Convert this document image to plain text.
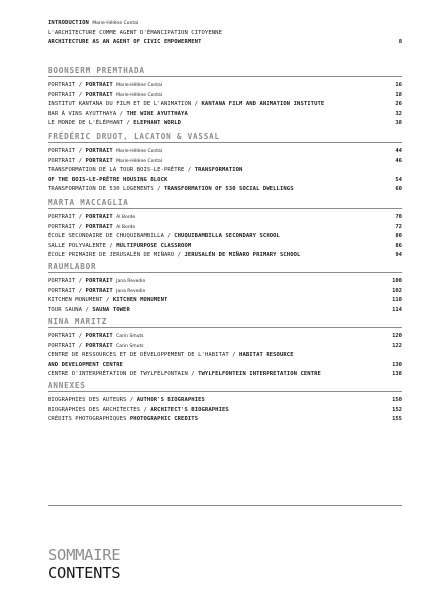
INTRODUCTION Marie-Hélène Contal
L'ARCHITECTURE COMME AGENT D'ÉMANCIPATION CITOYENNE
ARCHITECTURE AS AN AGENT OF CIVIC EMPOWERMENT	8
BOONSERM PREMTHADA
PORTRAIT / PORTRAIT Marie-Hélène Contal	16
PORTRAIT / PORTRAIT Marie-Hélène Contal	18
INSTITUT KANTANA DU FILM ET DE L'ANIMATION / KANTANA FILM AND ANIMATION INSTITUTE	26
BAR À VINS AYUTTHAYA / THE WINE AYUTTHAYA	32
LE MONDE DE L'ÉLÉPHANT / ELEPHANT WORLD	38
FRÉDÉRIC DRUOT, LACATON & VASSAL
PORTRAIT / PORTRAIT Marie-Hélène Contal	44
PORTRAIT / PORTRAIT Marie-Hélène Contal	46
TRANSFORMATION DE LA TOUR BOIS-LE-PRÊTRE / TRANSFORMATION
OF THE BOIS-LE-PRÊTRE HOUSING BLOCK	54
TRANSFORMATION DE 530 LOGEMENTS / TRANSFORMATION OF 530 SOCIAL DWELLINGS	60
MARTA MACCAGLIA
PORTRAIT / PORTRAIT Al Borde	70
PORTRAIT / PORTRAIT Al Borde	72
ÉCOLE SECONDAIRE DE CHUQUIBAMBILLA / CHUQUIBAMBILLA SECONDARY SCHOOL	80
SALLE POLYVALENTE / MULTIPURPOSE CLASSROOM	86
ÉCOLE PRIMAIRE DE JERUSALÉN DE MIÑARO / JERUSALÉN DE MIÑARO PRIMARY SCHOOL	94
RAUMLABOR
PORTRAIT / PORTRAIT Jana Revedin	100
PORTRAIT / PORTRAIT Jana Revedin	102
KITCHEN MONUMENT / KITCHEN MONUMENT	110
TOUR SAUNA / SAUNA TOWER	114
NINA MARITZ
PORTRAIT / PORTRAIT Carin Smuts	120
PORTRAIT / PORTRAIT Carin Smuts	122
CENTRE DE RESSOURCES ET DE DÉVELOPPEMENT DE L'HABITAT / HABITAT RESOURCE
AND DEVELOPMENT CENTRE	130
CENTRE D'INTERPRÉTATION DE TWYLFELFONTAIN / TWYLFELFONTEIN INTERPRETATION CENTRE	138
ANNEXES
BIOGRAPHIES DES AUTEURS / AUTHOR'S BIOGRAPHIES	150
BIOGRAPHIES DES ARCHITECTES / ARCHITECT'S BIOGRAPHIES	152
CRÉDITS PHOTOGRAPHIQUES PHOTOGRAPHIC CREDITS	155
SOMMAIRE
CONTENTS
